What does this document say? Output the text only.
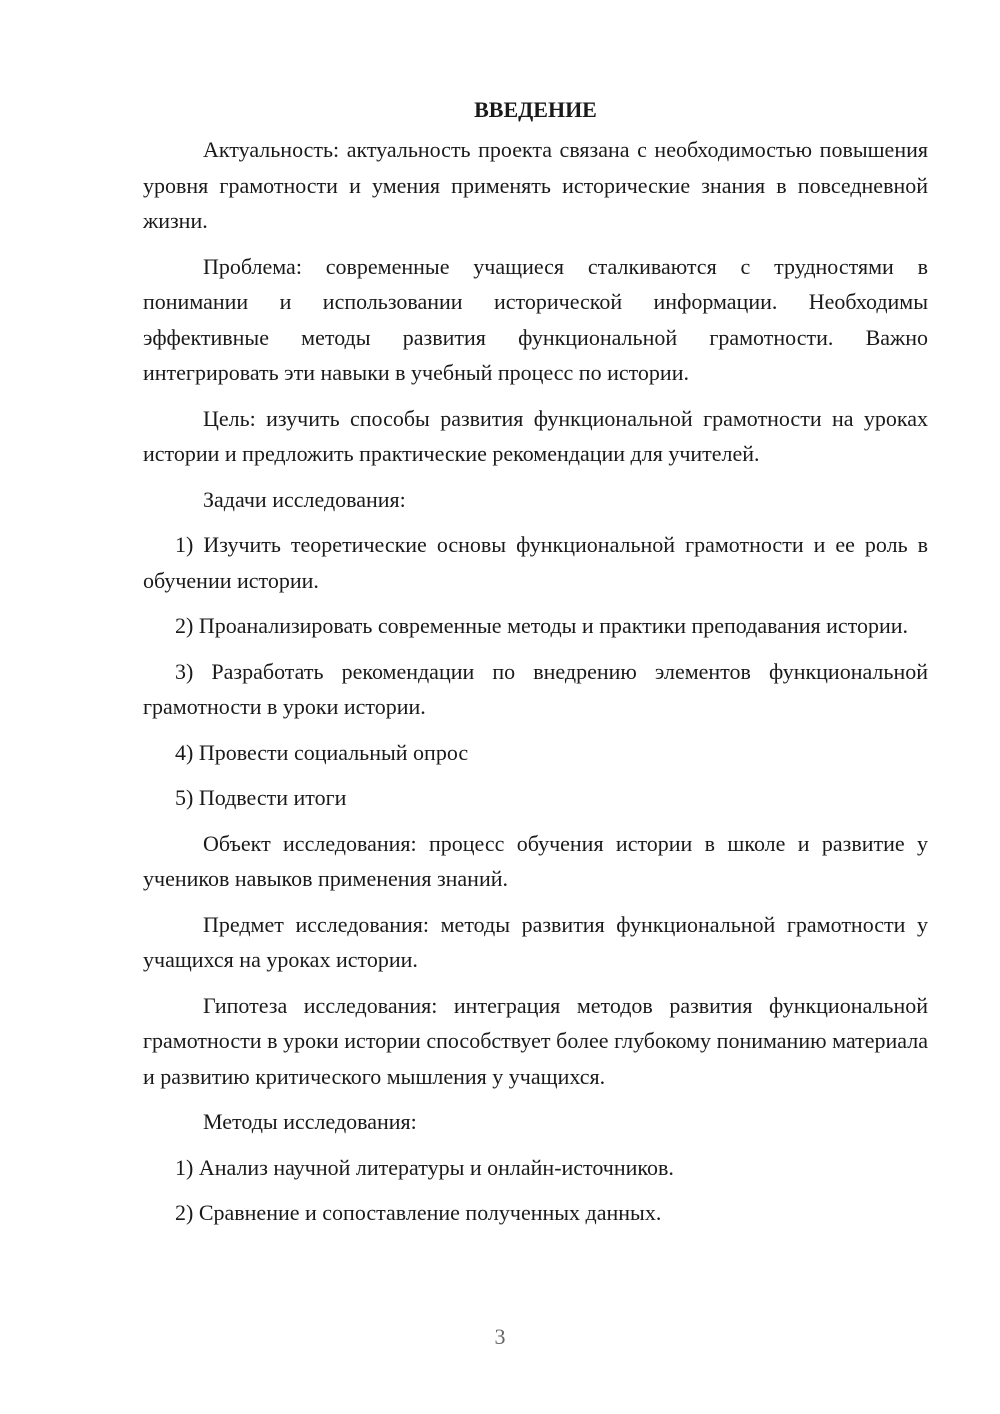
ВВЕДЕНИЕ

Актуальность: актуальность проекта связана с необходимостью повышения уровня грамотности и умения применять исторические знания в повседневной жизни.

Проблема: современные учащиеся сталкиваются с трудностями в понимании и использовании исторической информации. Необходимы эффективные методы развития функциональной грамотности. Важно интегрировать эти навыки в учебный процесс по истории.

Цель: изучить способы развития функциональной грамотности на уроках истории и предложить практические рекомендации для учителей.

Задачи исследования:

1) Изучить теоретические основы функциональной грамотности и ее роль в обучении истории.

2) Проанализировать современные методы и практики преподавания истории.

3) Разработать рекомендации по внедрению элементов функциональной грамотности в уроки истории.

4) Провести социальный опрос

5) Подвести итоги

Объект исследования: процесс обучения истории в школе и развитие у учеников навыков применения знаний.

Предмет исследования: методы развития функциональной грамотности у учащихся на уроках истории.

Гипотеза исследования: интеграция методов развития функциональной грамотности в уроки истории способствует более глубокому пониманию материала и развитию критического мышления у учащихся.

Методы исследования:

1) Анализ научной литературы и онлайн-источников.

2) Сравнение и сопоставление полученных данных.

3
